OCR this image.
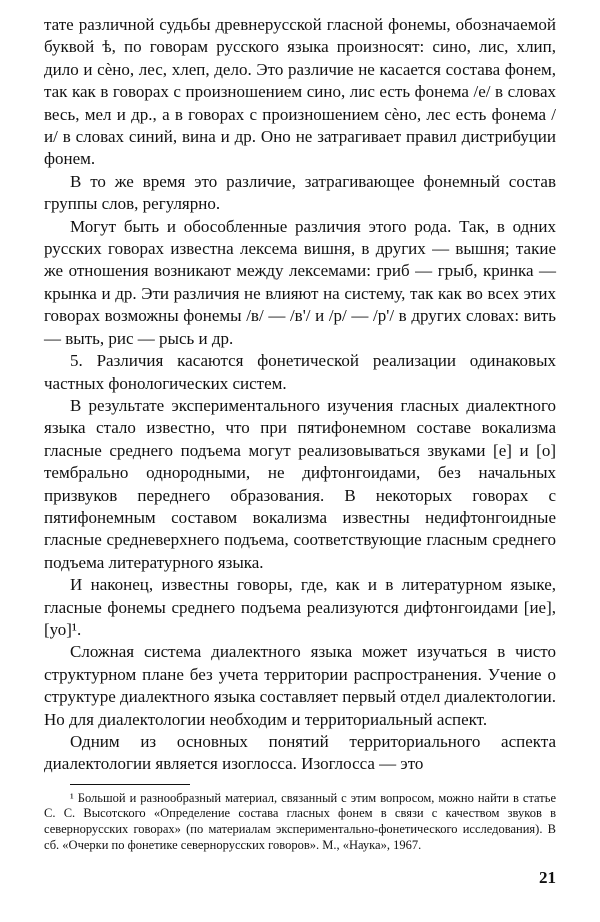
тате различной судьбы древнерусской гласной фонемы, обозначаемой буквой ѣ, по говорам русского языка произносят: сино, лис, хлип, дило и сѐно, лес, хлеп, дело. Это различие не касается состава фонем, так как в говорах с произношением сино, лис есть фонема /е/ в словах весь, мел и др., а в говорах с произношением сѐно, лес есть фонема /и/ в словах синий, вина и др. Оно не затрагивает правил дистрибуции фонем.

В то же время это различие, затрагивающее фонемный состав группы слов, регулярно.

Могут быть и обособленные различия этого рода. Так, в одних русских говорах известна лексема вишня, в других — вышня; такие же отношения возникают между лексемами: гриб — грыб, кринка — крынка и др. Эти различия не влияют на систему, так как во всех этих говорах возможны фонемы /в/ — /в'/ и /р/ — /р'/ в других словах: вить — выть, рис — рысь и др.

5. Различия касаются фонетической реализации одинаковых частных фонологических систем.

В результате экспериментального изучения гласных диалектного языка стало известно, что при пятифонемном составе вокализма гласные среднего подъема могут реализовываться звуками [е] и [о] тембрально однородными, не дифтонгоидами, без начальных призвуков переднего образования. В некоторых говорах с пятифонемным составом вокализма известны недифтонгоидные гласные средневерхнего подъема, соответствующие гласным среднего подъема литературного языка.

И наконец, известны говоры, где, как и в литературном языке, гласные фонемы среднего подъема реализуются дифтонгоидами [ие], [уо]¹.

Сложная система диалектного языка может изучаться в чисто структурном плане без учета территории распространения. Учение о структуре диалектного языка составляет первый отдел диалектологии. Но для диалектологии необходим и территориальный аспект.

Одним из основных понятий территориального аспекта диалектологии является изоглосса. Изоглосса — это

¹ Большой и разнообразный материал, связанный с этим вопросом, можно найти в статье С. С. Высотского «Определение состава гласных фонем в связи с качеством звуков в северноруcских говорах» (по материалам экспериментально-фонетического исследования). В сб. «Очерки по фонетике северноруcских говоров». М., «Наука», 1967.

21
